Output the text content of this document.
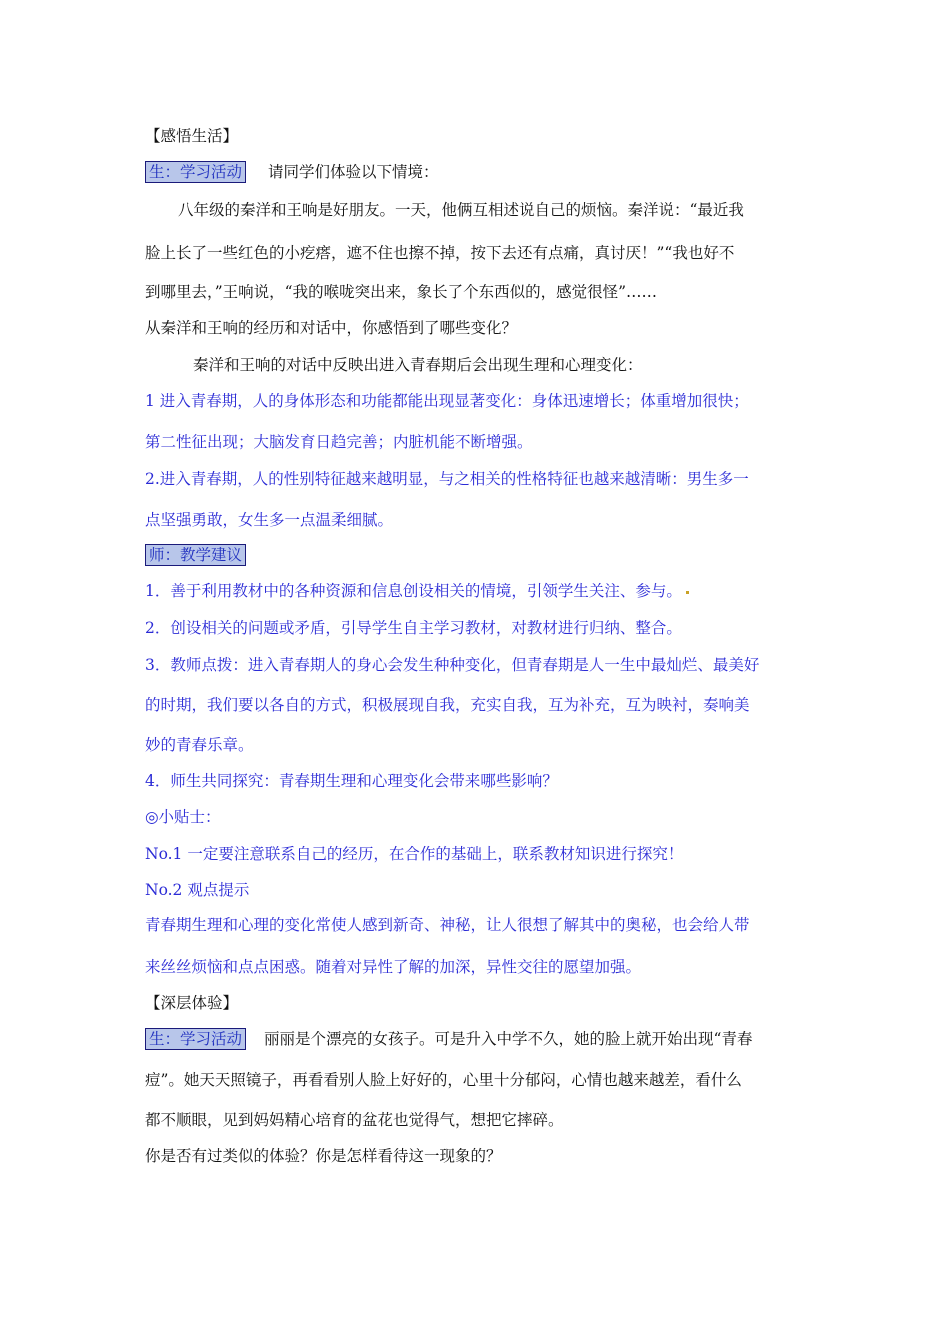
【感悟生活】
生：学习活动 请同学们体验以下情境：
八年级的秦洋和王响是好朋友。一天，他俩互相述说自己的烦恼。秦洋说：“最近我
脸上长了一些红色的小疙瘩，遮不住也擦不掉，按下去还有点痛，真讨厌！”“我也好不
到哪里去，”王响说，“我的喉咙突出来，象长了个东西似的，感觉很怪”……
从秦洋和王响的经历和对话中，你感悟到了哪些变化？
秦洋和王响的对话中反映出进入青春期后会出现生理和心理变化：
1 进入青春期，人的身体形态和功能都能出现显著变化：身体迅速增长；体重增加很快；
第二性征出现；大脑发育日趋完善；内脏机能不断增强。
2.进入青春期，人的性别特征越来越明显，与之相关的性格特征也越来越清晰：男生多一
点坚强勇敢，女生多一点温柔细腻。
师：教学建议
1．善于利用教材中的各种资源和信息创设相关的情境，引领学生关注、参与。
2．创设相关的问题或矛盾，引导学生自主学习教材，对教材进行归纳、整合。
3．教师点拨：进入青春期人的身心会发生种种变化，但青春期是人一生中最灿烂、最美好
的时期，我们要以各自的方式，积极展现自我，充实自我，互为补充，互为映衬，奏响美
妙的青春乐章。
4．师生共同探究：青春期生理和心理变化会带来哪些影响？
◎小贴士：
No.1 一定要注意联系自己的经历，在合作的基础上，联系教材知识进行探究！
No.2 观点提示
青春期生理和心理的变化常使人感到新奇、神秘，让人很想了解其中的奥秘，也会给人带
来丝丝烦恼和点点困惑。随着对异性了解的加深，异性交往的愿望加强。
【深层体验】
生：学习活动 丽丽是个漂亮的女孩子。可是升入中学不久，她的脸上就开始出现“青春
痘”。她天天照镜子，再看看别人脸上好好的，心里十分郁闷，心情也越来越差，看什么
都不顺眼，见到妈妈精心培育的盆花也觉得气，想把它摔碎。
你是否有过类似的体验？你是怎样看待这一现象的？
